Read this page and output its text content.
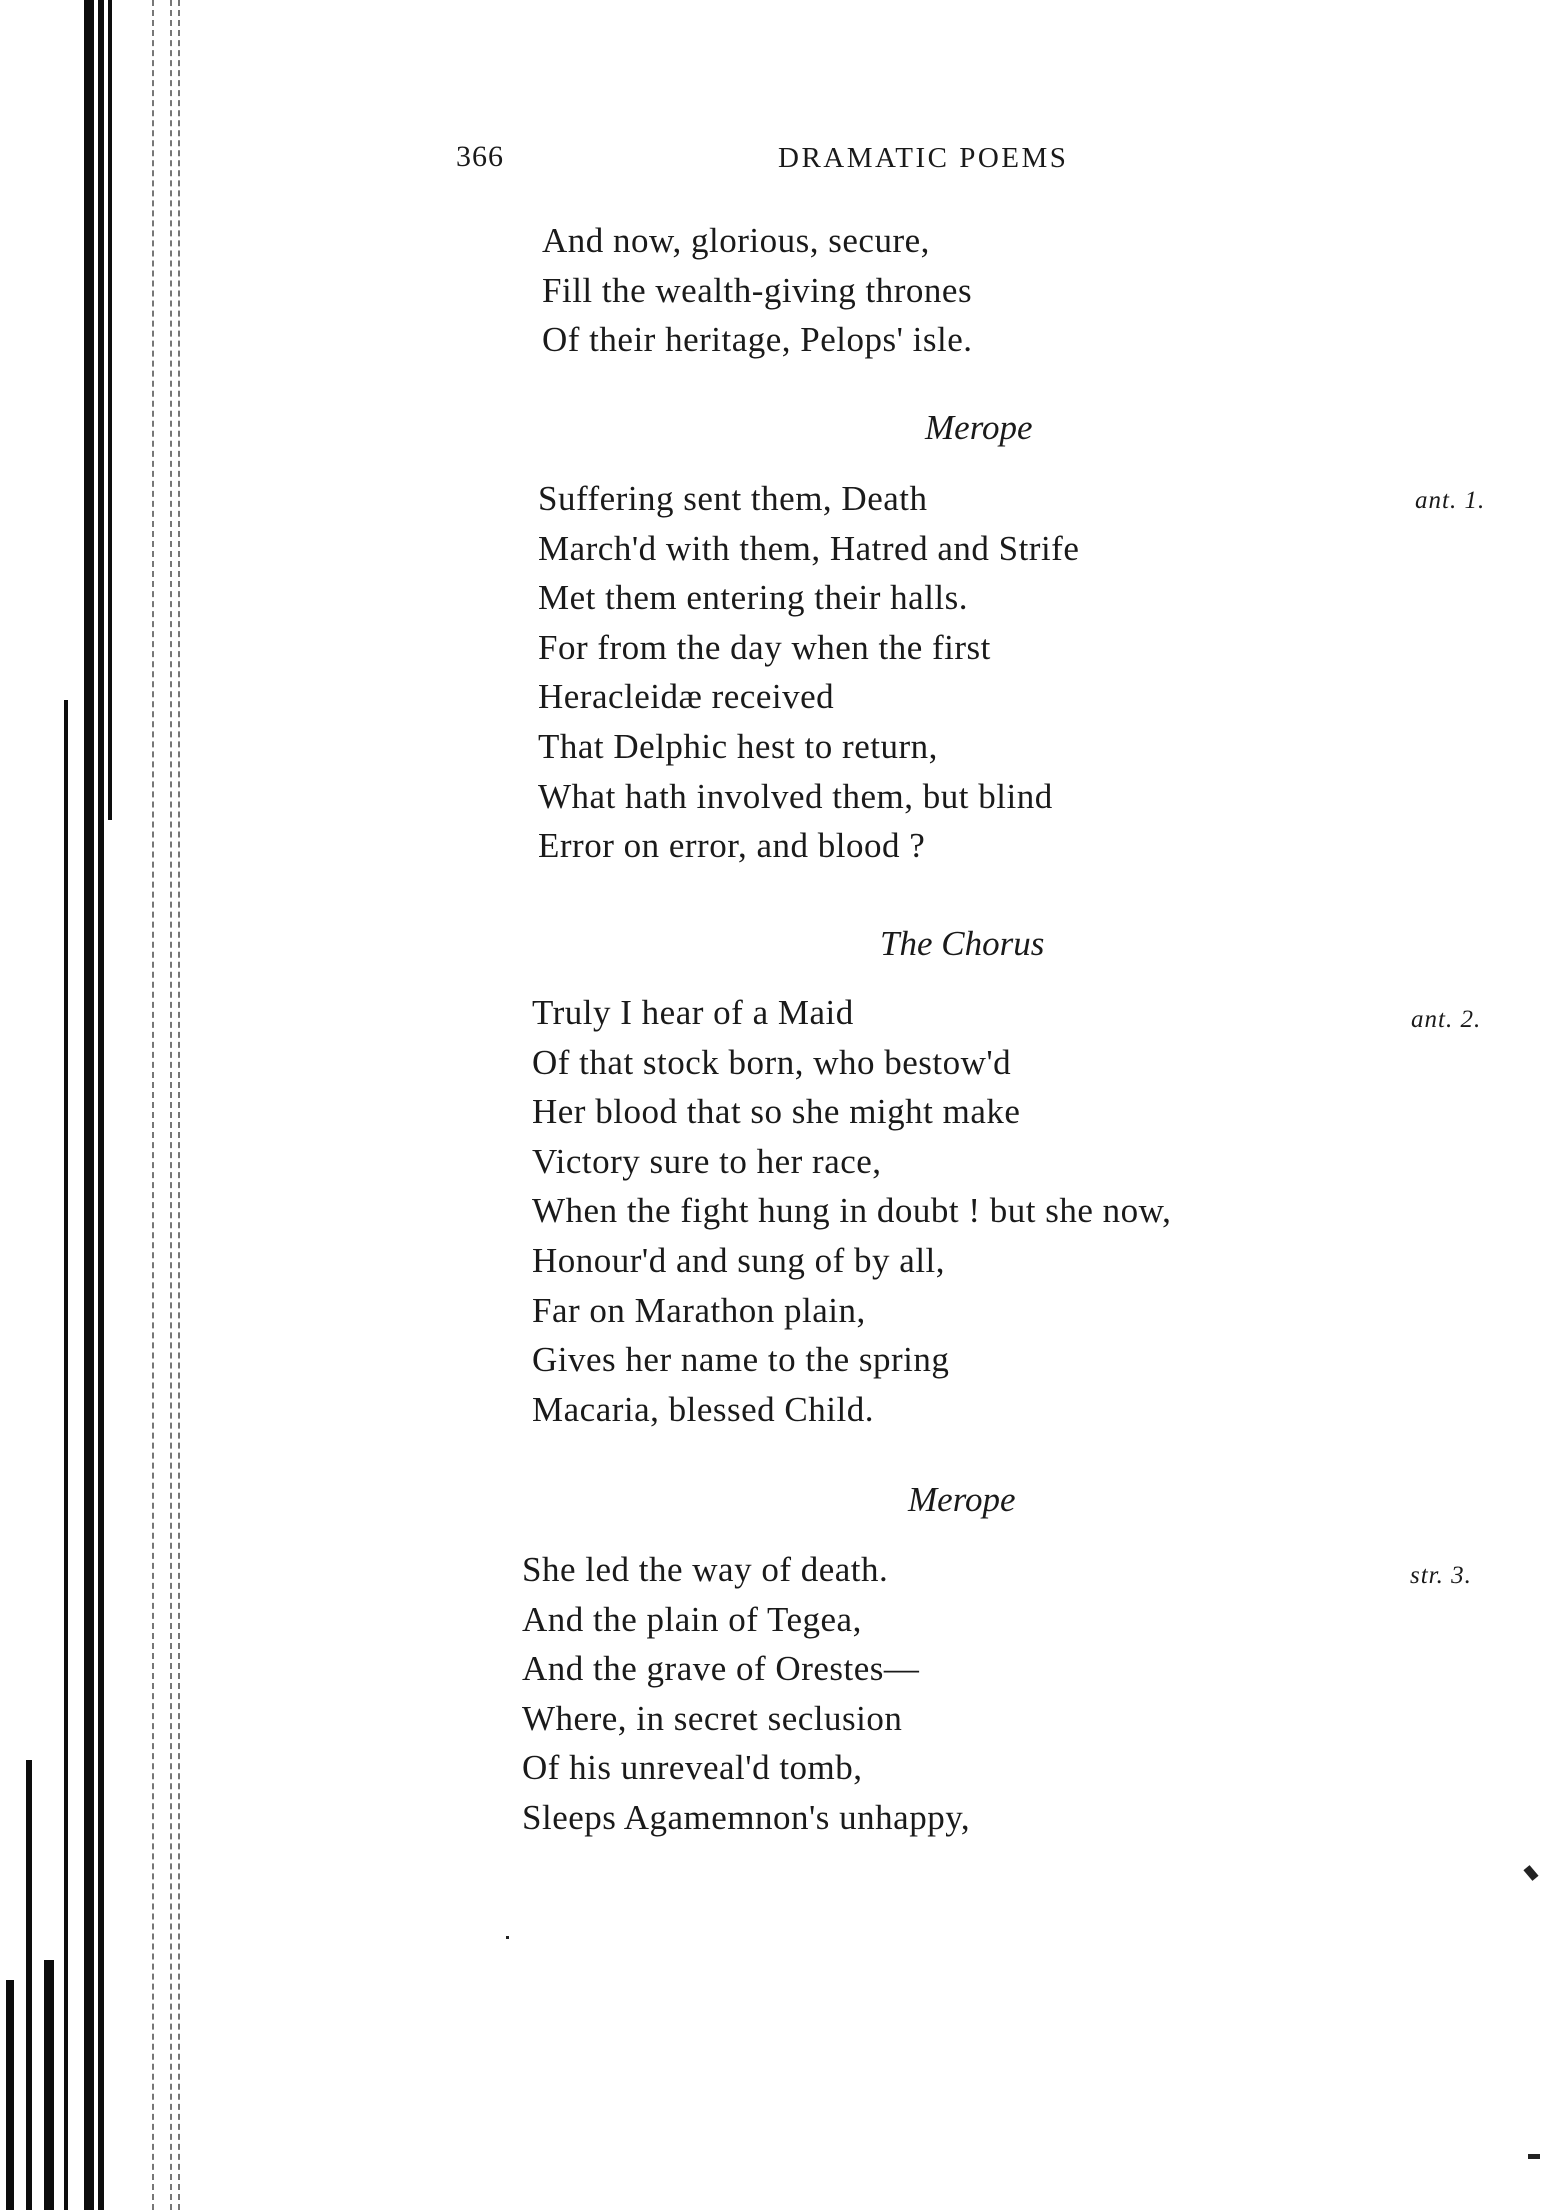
366	DRAMATIC POEMS
And now, glorious, secure,
Fill the wealth-giving thrones
Of their heritage, Pelops' isle.
Merope
ant. 1.
Suffering sent them, Death
March'd with them, Hatred and Strife
Met them entering their halls.
For from the day when the first
Heracleidæ received
That Delphic hest to return,
What hath involved them, but blind
Error on error, and blood ?
The Chorus
ant. 2.
Truly I hear of a Maid
Of that stock born, who bestow'd
Her blood that so she might make
Victory sure to her race,
When the fight hung in doubt ! but she now,
Honour'd and sung of by all,
Far on Marathon plain,
Gives her name to the spring
Macaria, blessed Child.
Merope
str. 3.
She led the way of death.
And the plain of Tegea,
And the grave of Orestes—
Where, in secret seclusion
Of his unreveal'd tomb,
Sleeps Agamemnon's unhappy,
